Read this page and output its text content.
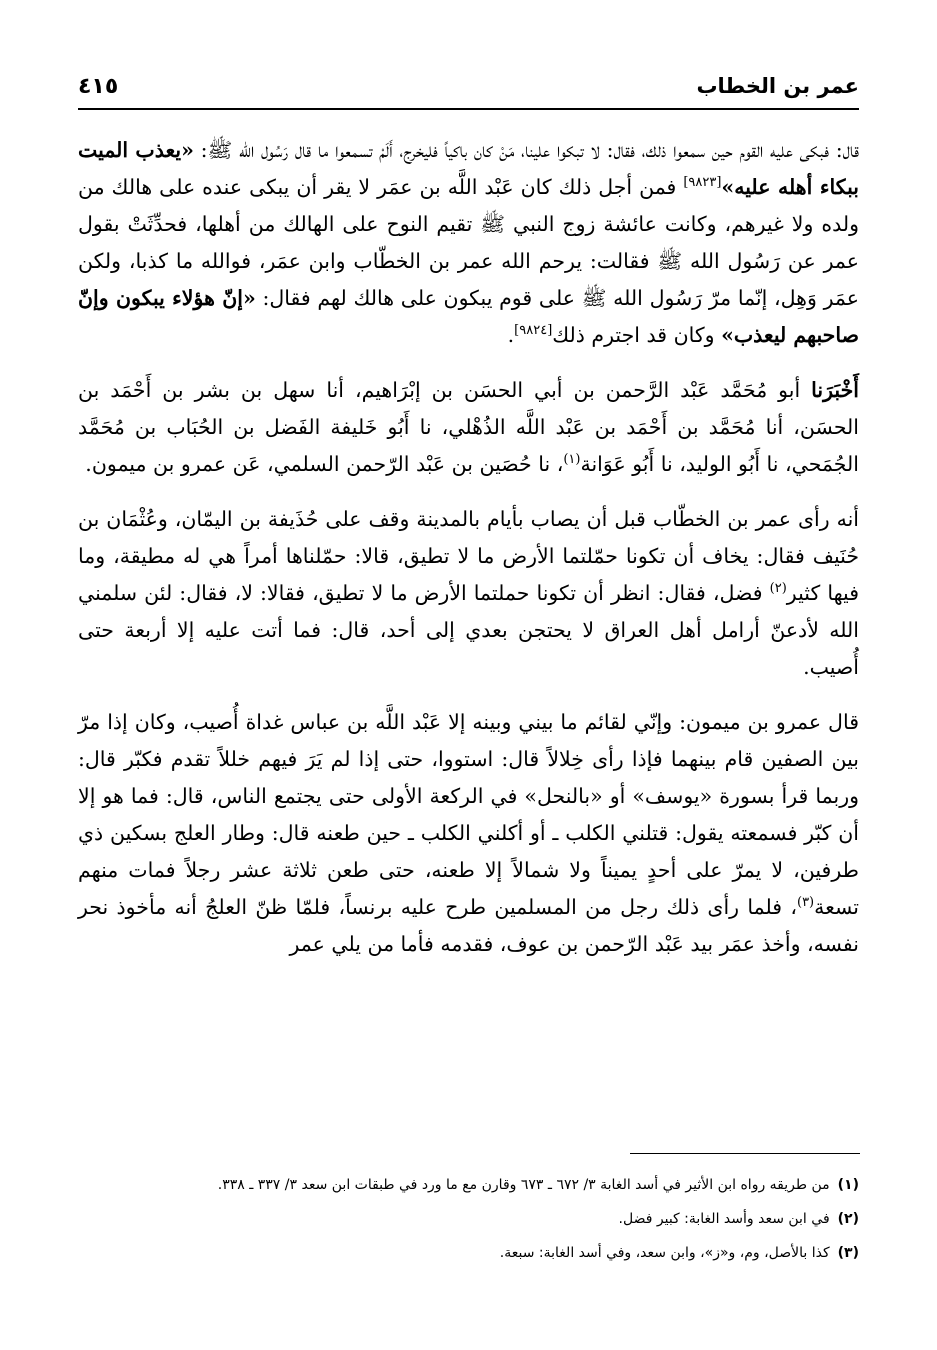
عمر بن الخطاب
٤١٥
قال: فبكى عليه القوم حين سمعوا ذلك، فقال: لا تبكوا علينا، مَنْ كان باكياً فليخرج، أَلَمْ تسمعوا ما قال رَسُول الله ﷺ: «يعذب الميت ببكاء أهله عليه»[٩٨٢٣] فمن أجل ذلك كان عَبْد اللَّه بن عمَر لا يقر أن يبكى عنده على هالك من ولده ولا غيرهم، وكانت عائشة زوج النبي ﷺ تقيم النوح على الهالك من أهلها، فحدِّثَتْ بقول عمر عن رَسُول الله ﷺ فقالت: يرحم الله عمر بن الخطّاب وابن عمَر، فوالله ما كذبا، ولكن عمَر وَهِل، إنّما مرّ رَسُول الله ﷺ على قوم يبكون على هالك لهم فقال: «إنّ هؤلاء يبكون وإنّ صاحبهم ليعذب» وكان قد اجترم ذلك[٩٨٢٤].
أَخْبَرَنا أبو مُحَمَّد عَبْد الرَّحمن بن أبي الحسَن بن إبْرَاهيم، أنا سهل بن بشر بن أَحْمَد بن الحسَن، أنا مُحَمَّد بن أَحْمَد بن عَبْد اللَّه الذُهْلي، نا أَبُو خَليفة الفَضل بن الحُبَاب بن مُحَمَّد الجُمَحي، نا أَبُو الوليد، نا أَبُو عَوَانة$^{(١)}$، نا حُصَين بن عَبْد الرّحمن السلمي، عَن عمرو بن ميمون.
أنه رأى عمر بن الخطّاب قبل أن يصاب بأيام بالمدينة وقف على حُذَيفة بن اليمّان، وعُثْمَان بن حُنَيف فقال: يخاف أن تكونا حمّلتما الأرض ما لا تطيق، قالا: حمّلناها أمراً هي له مطيقة، وما فيها كثير$^{(٢)}$ فضل، فقال: انظر أن تكونا حملتما الأرض ما لا تطيق، فقالا: لا، فقال: لئن سلمني الله لأدعنّ أرامل أهل العراق لا يحتجن بعدي إلى أحد، قال: فما أتت عليه إلا أربعة حتى أُصيب.
قال عمرو بن ميمون: وإنّي لقائم ما بيني وبينه إلا عَبْد اللَّه بن عباس غداة أُصيب، وكان إذا مرّ بين الصفين قام بينهما فإذا رأى خِلالاً قال: استووا، حتى إذا لم يَرَ فيهم خللاً تقدم فكبّر قال: وربما قرأ بسورة «يوسف» أو «بالنحل» في الركعة الأولى حتى يجتمع الناس، قال: فما هو إلا أن كبّر فسمعته يقول: قتلني الكلب ـ أو أكلني الكلب ـ حين طعنه قال: وطار العلج بسكين ذي طرفين، لا يمرّ على أحدٍ يميناً ولا شمالاً إلا طعنه، حتى طعن ثلاثة عشر رجلاً فمات منهم تسعة$^{(٣)}$، فلما رأى ذلك رجل من المسلمين طرح عليه برنساً، فلمّا ظنّ العلجُ أنه مأخوذ نحر نفسه، وأخذ عمَر بيد عَبْد الرّحمن بن عوف، فقدمه فأما من يلي عمر

(١)من طريقه رواه ابن الأثير في أسد الغابة ٣/ ٦٧٢ ـ ٦٧٣ وقارن مع ما ورد في طبقات ابن سعد ٣/ ٣٣٧ ـ ٣٣٨.

(٢)في ابن سعد وأسد الغابة: كبير فضل.

(٣)كذا بالأصل، وم، و«ز»، وابن سعد، وفي أسد الغابة: سبعة.
